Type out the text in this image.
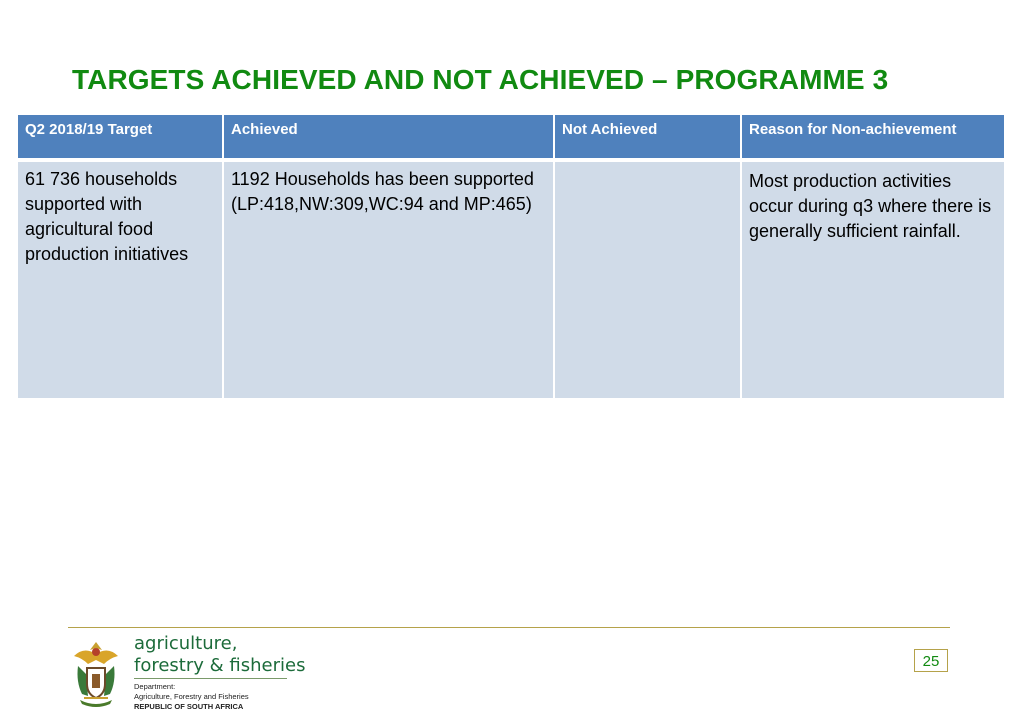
TARGETS ACHIEVED AND NOT ACHIEVED – PROGRAMME 3
Q2 2018/19 Target	Achieved	Not Achieved	Reason for Non-achievement
61 736 households supported with agricultural food production initiatives	1192 Households has been supported (LP:418,NW:309,WC:94 and MP:465)		Most production activities occur during q3 where there is generally sufficient rainfall.
agriculture,
forestry & fisheries
Department:
Agriculture, Forestry and Fisheries
REPUBLIC OF SOUTH AFRICA
25
